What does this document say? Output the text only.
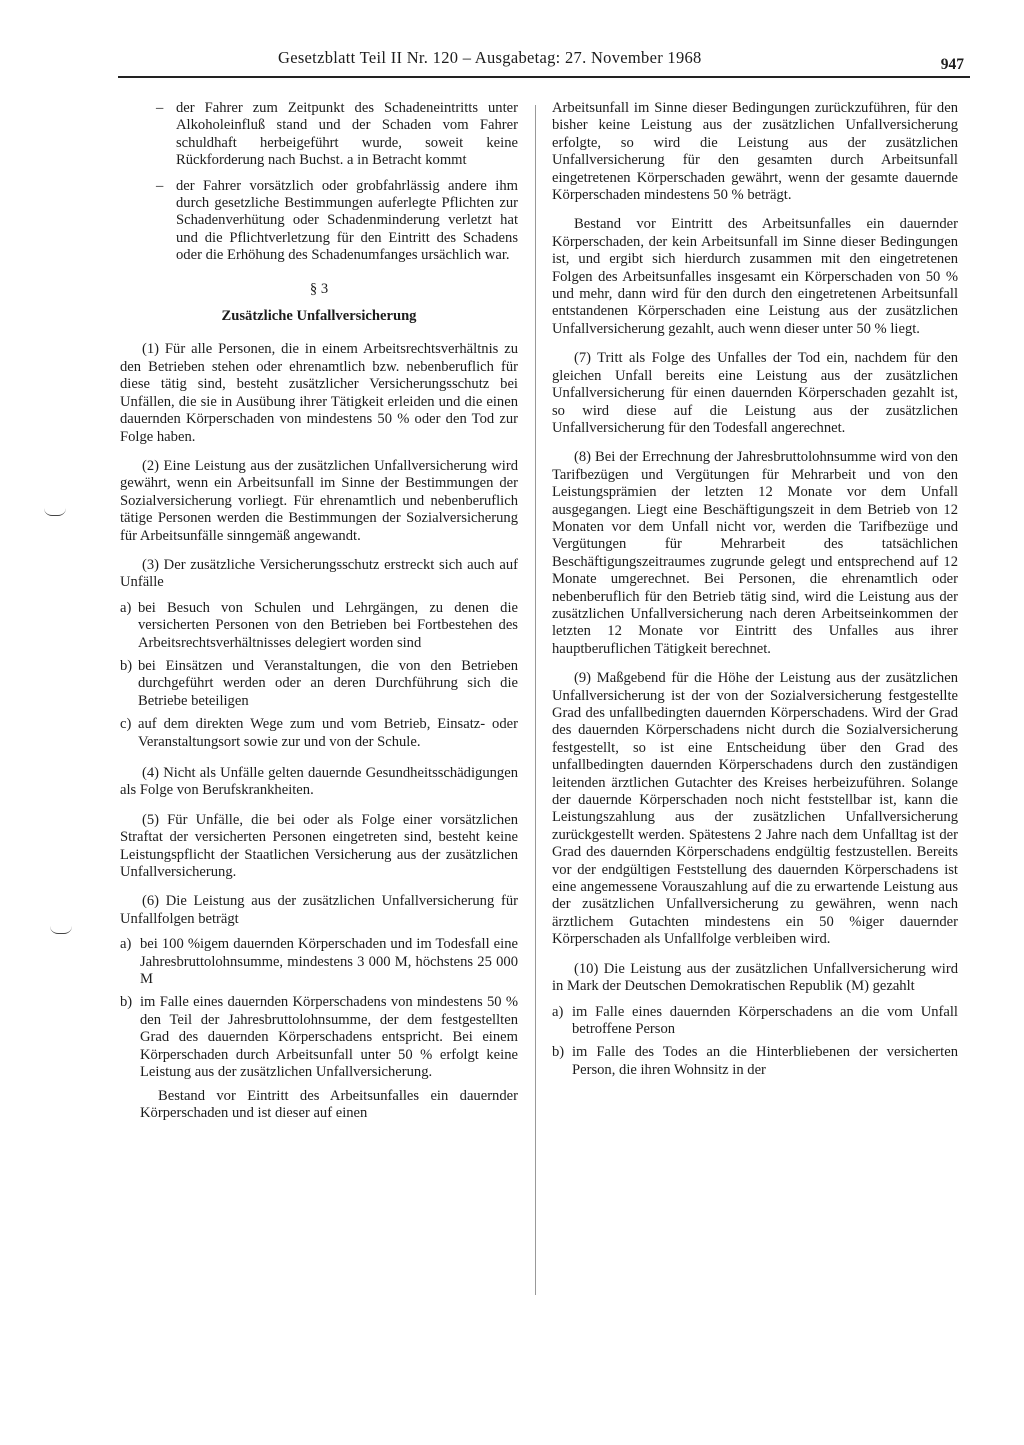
Gesetzblatt Teil II Nr. 120 – Ausgabetag: 27. November 1968	947
– der Fahrer zum Zeitpunkt des Schadeneintritts unter Alkoholeinfluß stand und der Schaden vom Fahrer schuldhaft herbeigeführt wurde, soweit keine Rückforderung nach Buchst. a in Betracht kommt

– der Fahrer vorsätzlich oder grobfahrlässig andere ihm durch gesetzliche Bestimmungen auferlegte Pflichten zur Schadenverhütung oder Schadenminderung verletzt hat und die Pflichtverletzung für den Eintritt des Schadens oder die Erhöhung des Schadenumfanges ursächlich war.

§ 3

Zusätzliche Unfallversicherung

(1) Für alle Personen, die in einem Arbeitsrechtsverhältnis zu den Betrieben stehen oder ehrenamtlich bzw. nebenberuflich für diese tätig sind, besteht zusätzlicher Versicherungsschutz bei Unfällen, die sie in Ausübung ihrer Tätigkeit erleiden und die einen dauernden Körperschaden von mindestens 50 % oder den Tod zur Folge haben.

(2) Eine Leistung aus der zusätzlichen Unfallversicherung wird gewährt, wenn ein Arbeitsunfall im Sinne der Bestimmungen der Sozialversicherung vorliegt. Für ehrenamtlich und nebenberuflich tätige Personen werden die Bestimmungen der Sozialversicherung für Arbeitsunfälle sinngemäß angewandt.

(3) Der zusätzliche Versicherungsschutz erstreckt sich auch auf Unfälle

a) bei Besuch von Schulen und Lehrgängen, zu denen die versicherten Personen von den Betrieben bei Fortbestehen des Arbeitsrechtsverhältnisses delegiert worden sind

b) bei Einsätzen und Veranstaltungen, die von den Betrieben durchgeführt werden oder an deren Durchführung sich die Betriebe beteiligen

c) auf dem direkten Wege zum und vom Betrieb, Einsatz- oder Veranstaltungsort sowie zur und von der Schule.

(4) Nicht als Unfälle gelten dauernde Gesundheitsschädigungen als Folge von Berufskrankheiten.

(5) Für Unfälle, die bei oder als Folge einer vorsätzlichen Straftat der versicherten Personen eingetreten sind, besteht keine Leistungspflicht der Staatlichen Versicherung aus der zusätzlichen Unfallversicherung.

(6) Die Leistung aus der zusätzlichen Unfallversicherung für Unfallfolgen beträgt

a) bei 100 %igem dauernden Körperschaden und im Todesfall eine Jahresbruttolohnsumme, mindestens 3 000 M, höchstens 25 000 M

b) im Falle eines dauernden Körperschadens von mindestens 50 % den Teil der Jahresbruttolohnsumme, der dem festgestellten Grad des dauernden Körperschadens entspricht. Bei einem Körperschaden durch Arbeitsunfall unter 50 % erfolgt keine Leistung aus der zusätzlichen Unfallversicherung.

Bestand vor Eintritt des Arbeitsunfalles ein dauernder Körperschaden und ist dieser auf einen

Arbeitsunfall im Sinne dieser Bedingungen zurückzuführen, für den bisher keine Leistung aus der zusätzlichen Unfallversicherung erfolgte, so wird die Leistung aus der zusätzlichen Unfallversicherung für den gesamten durch Arbeitsunfall eingetretenen Körperschaden gewährt, wenn der gesamte dauernde Körperschaden mindestens 50 % beträgt.

Bestand vor Eintritt des Arbeitsunfalles ein dauernder Körperschaden, der kein Arbeitsunfall im Sinne dieser Bedingungen ist, und ergibt sich hierdurch zusammen mit den eingetretenen Folgen des Arbeitsunfalles insgesamt ein Körperschaden von 50 % und mehr, dann wird für den durch den eingetretenen Arbeitsunfall entstandenen Körperschaden eine Leistung aus der zusätzlichen Unfallversicherung gezahlt, auch wenn dieser unter 50 % liegt.

(7) Tritt als Folge des Unfalles der Tod ein, nachdem für den gleichen Unfall bereits eine Leistung aus der zusätzlichen Unfallversicherung für einen dauernden Körperschaden gezahlt ist, so wird diese auf die Leistung aus der zusätzlichen Unfallversicherung für den Todesfall angerechnet.

(8) Bei der Errechnung der Jahresbruttolohnsumme wird von den Tarifbezügen und Vergütungen für Mehrarbeit und von den Leistungsprämien der letzten 12 Monate vor dem Unfall ausgegangen. Liegt eine Beschäftigungszeit in dem Betrieb von 12 Monaten vor dem Unfall nicht vor, werden die Tarifbezüge und Vergütungen für Mehrarbeit des tatsächlichen Beschäftigungszeitraumes zugrunde gelegt und entsprechend auf 12 Monate umgerechnet. Bei Personen, die ehrenamtlich oder nebenberuflich für den Betrieb tätig sind, wird die Leistung aus der zusätzlichen Unfallversicherung nach deren Arbeitseinkommen der letzten 12 Monate vor Eintritt des Unfalles aus ihrer hauptberuflichen Tätigkeit berechnet.

(9) Maßgebend für die Höhe der Leistung aus der zusätzlichen Unfallversicherung ist der von der Sozialversicherung festgestellte Grad des unfallbedingten dauernden Körperschadens. Wird der Grad des dauernden Körperschadens nicht durch die Sozialversicherung festgestellt, so ist eine Entscheidung über den Grad des unfallbedingten dauernden Körperschadens durch den zuständigen leitenden ärztlichen Gutachter des Kreises herbeizuführen. Solange der dauernde Körperschaden noch nicht feststellbar ist, kann die Leistungszahlung aus der zusätzlichen Unfallversicherung zurückgestellt werden. Spätestens 2 Jahre nach dem Unfalltag ist der Grad des dauernden Körperschadens endgültig festzustellen. Bereits vor der endgültigen Feststellung des dauernden Körperschadens ist eine angemessene Vorauszahlung auf die zu erwartende Leistung aus der zusätzlichen Unfallversicherung zu gewähren, wenn nach ärztlichem Gutachten mindestens ein 50 %iger dauernder Körperschaden als Unfallfolge verbleiben wird.

(10) Die Leistung aus der zusätzlichen Unfallversicherung wird in Mark der Deutschen Demokratischen Republik (M) gezahlt

a) im Falle eines dauernden Körperschadens an die vom Unfall betroffene Person

b) im Falle des Todes an die Hinterbliebenen der versicherten Person, die ihren Wohnsitz in der
